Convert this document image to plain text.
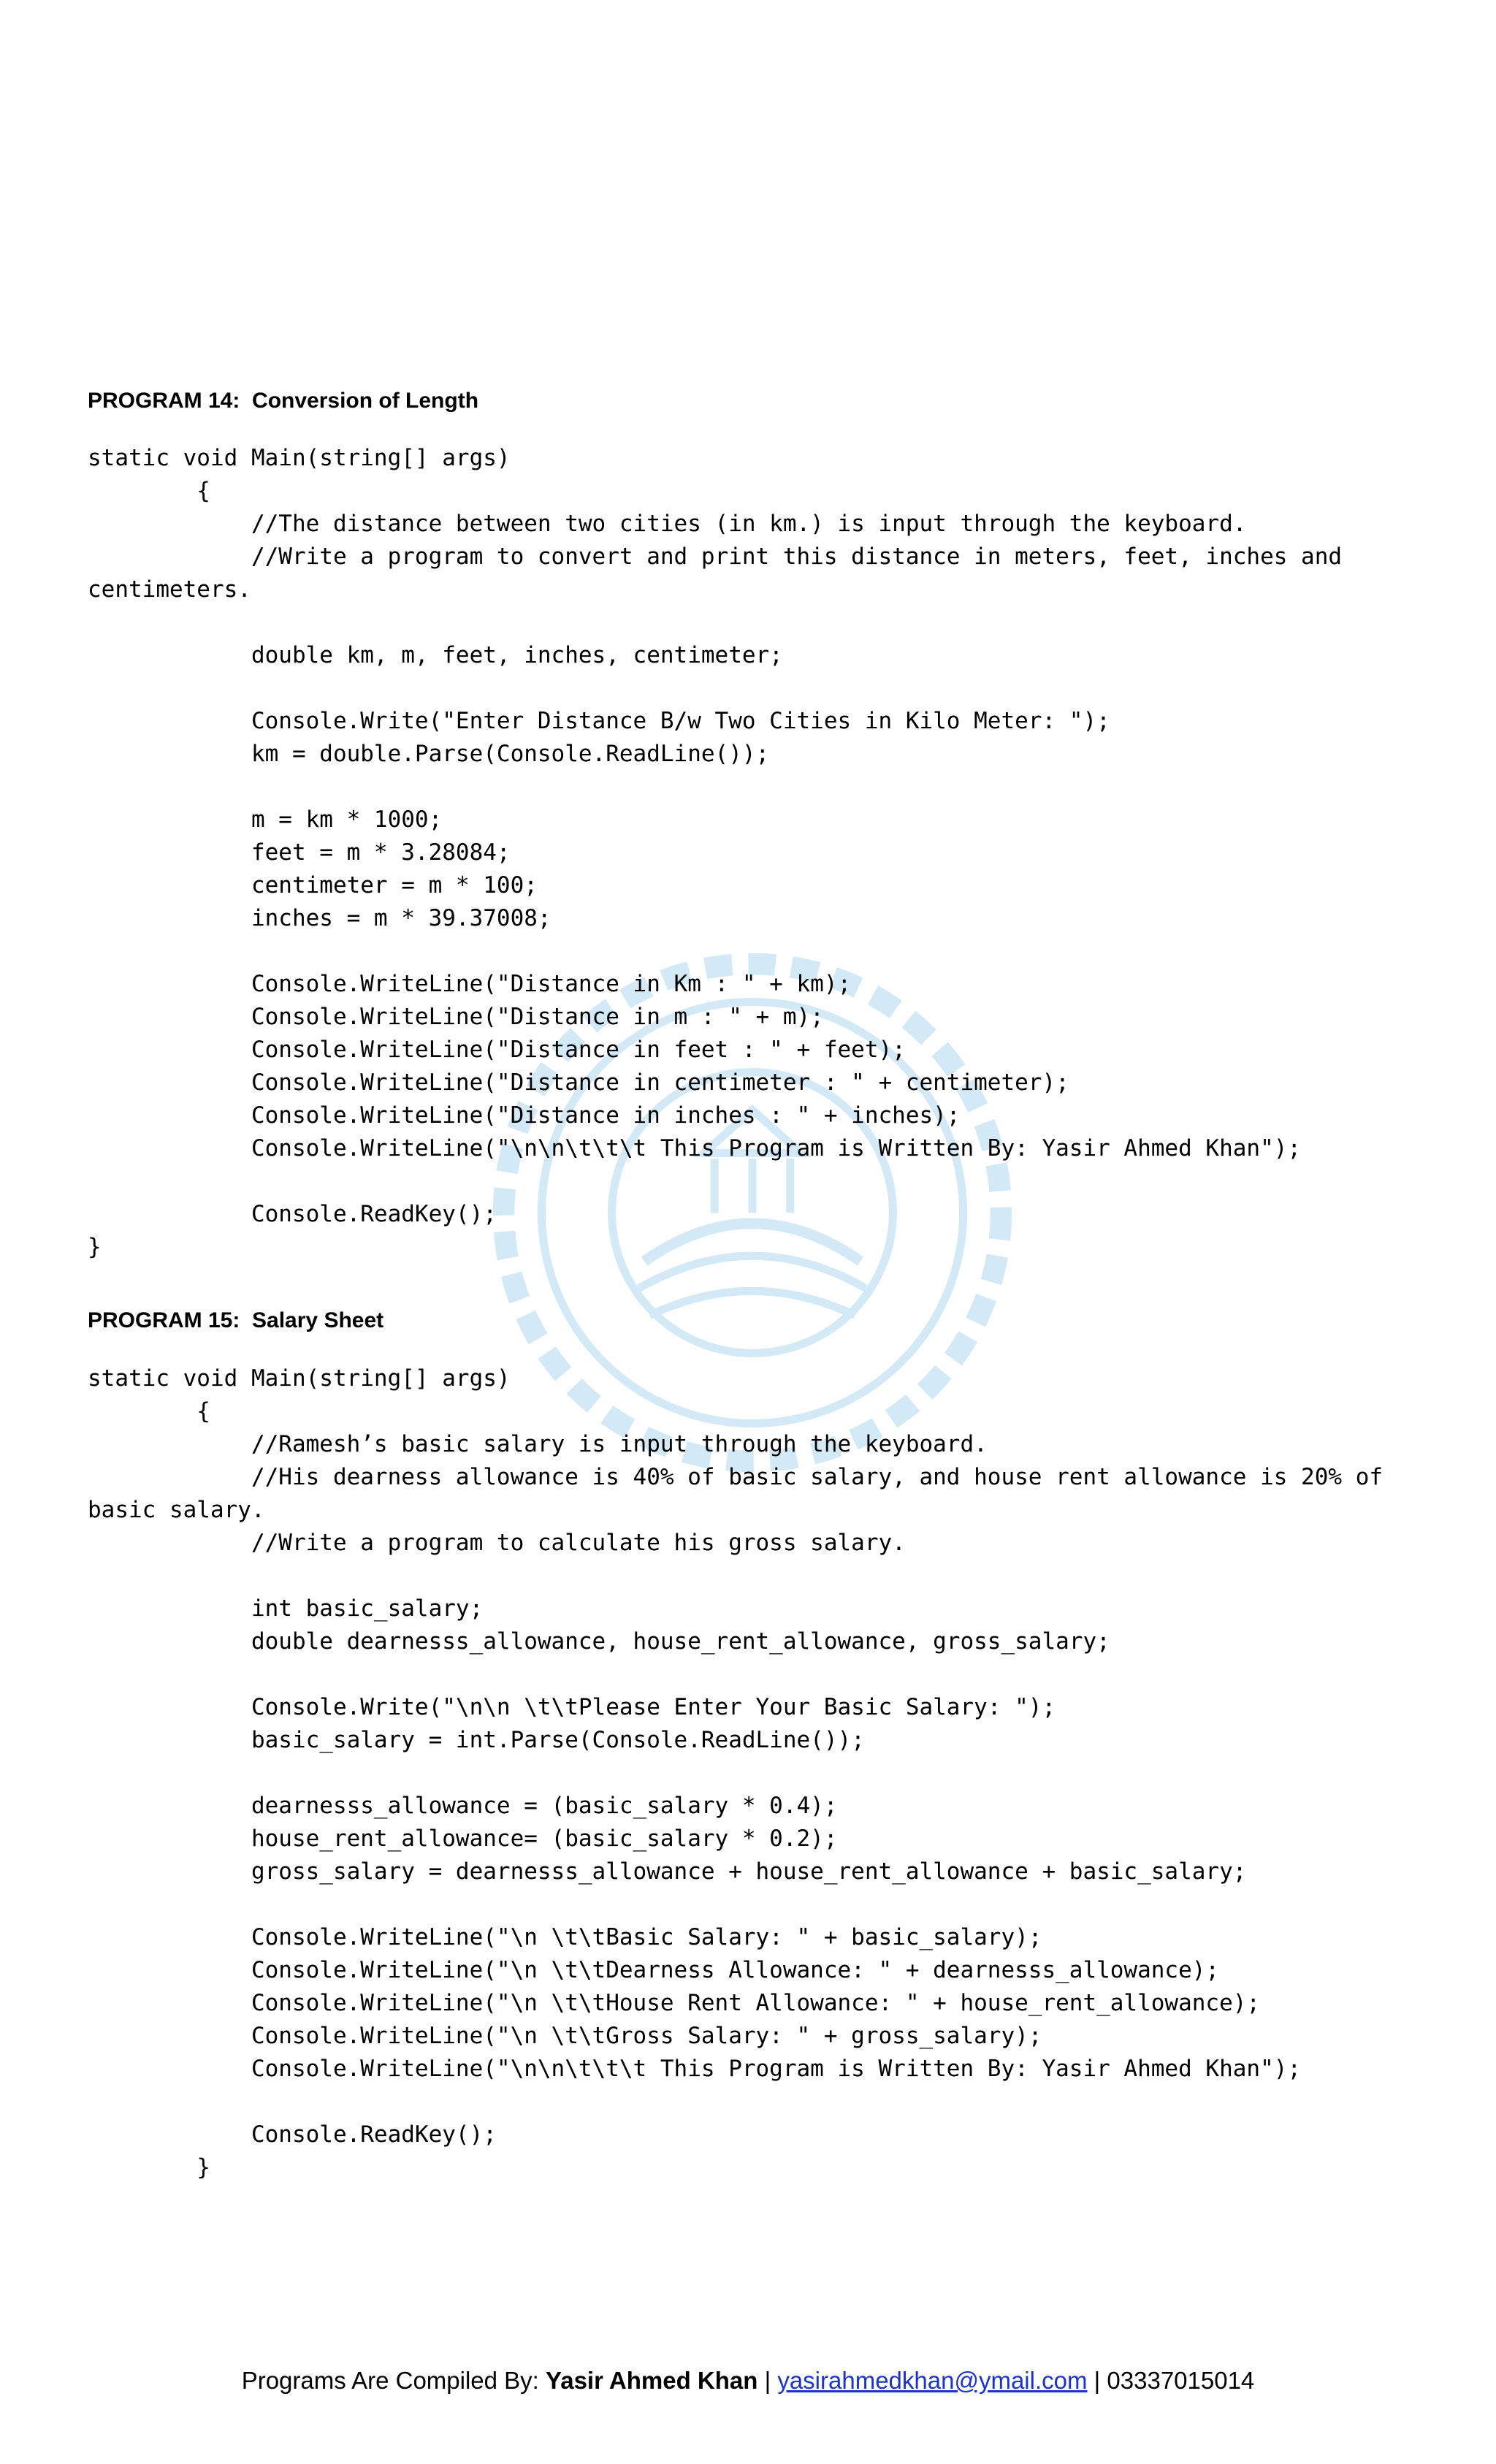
PROGRAM 14:  Conversion of Length
static void Main(string[] args)
{
//The distance between two cities (in km.) is input through the keyboard.
//Write a program to convert and print this distance in meters, feet, inches and
centimeters.
double km, m, feet, inches, centimeter;
Console.Write("Enter Distance B/w Two Cities in Kilo Meter: ");
km = double.Parse(Console.ReadLine());
m = km * 1000;
feet = m * 3.28084;
centimeter = m * 100;
inches = m * 39.37008;
Console.WriteLine("Distance in Km : " + km);
Console.WriteLine("Distance in m : " + m);
Console.WriteLine("Distance in feet : " + feet);
Console.WriteLine("Distance in centimeter : " + centimeter);
Console.WriteLine("Distance in inches : " + inches);
Console.WriteLine("\n\n\t\t\t This Program is Written By: Yasir Ahmed Khan");
Console.ReadKey();
}
PROGRAM 15:  Salary Sheet
static void Main(string[] args)
{
//Ramesh’s basic salary is input through the keyboard.
//His dearness allowance is 40% of basic salary, and house rent allowance is 20% of
basic salary.
//Write a program to calculate his gross salary.
int basic_salary;
double dearnesss_allowance, house_rent_allowance, gross_salary;
Console.Write("\n\n \t\tPlease Enter Your Basic Salary: ");
basic_salary = int.Parse(Console.ReadLine());
dearnesss_allowance = (basic_salary * 0.4);
house_rent_allowance= (basic_salary * 0.2);
gross_salary = dearnesss_allowance + house_rent_allowance + basic_salary;
Console.WriteLine("\n \t\tBasic Salary: " + basic_salary);
Console.WriteLine("\n \t\tDearness Allowance: " + dearnesss_allowance);
Console.WriteLine("\n \t\tHouse Rent Allowance: " + house_rent_allowance);
Console.WriteLine("\n \t\tGross Salary: " + gross_salary);
Console.WriteLine("\n\n\t\t\t This Program is Written By: Yasir Ahmed Khan");
Console.ReadKey();
}
Programs Are Compiled By: Yasir Ahmed Khan | yasirahmedkhan@ymail.com | 03337015014
